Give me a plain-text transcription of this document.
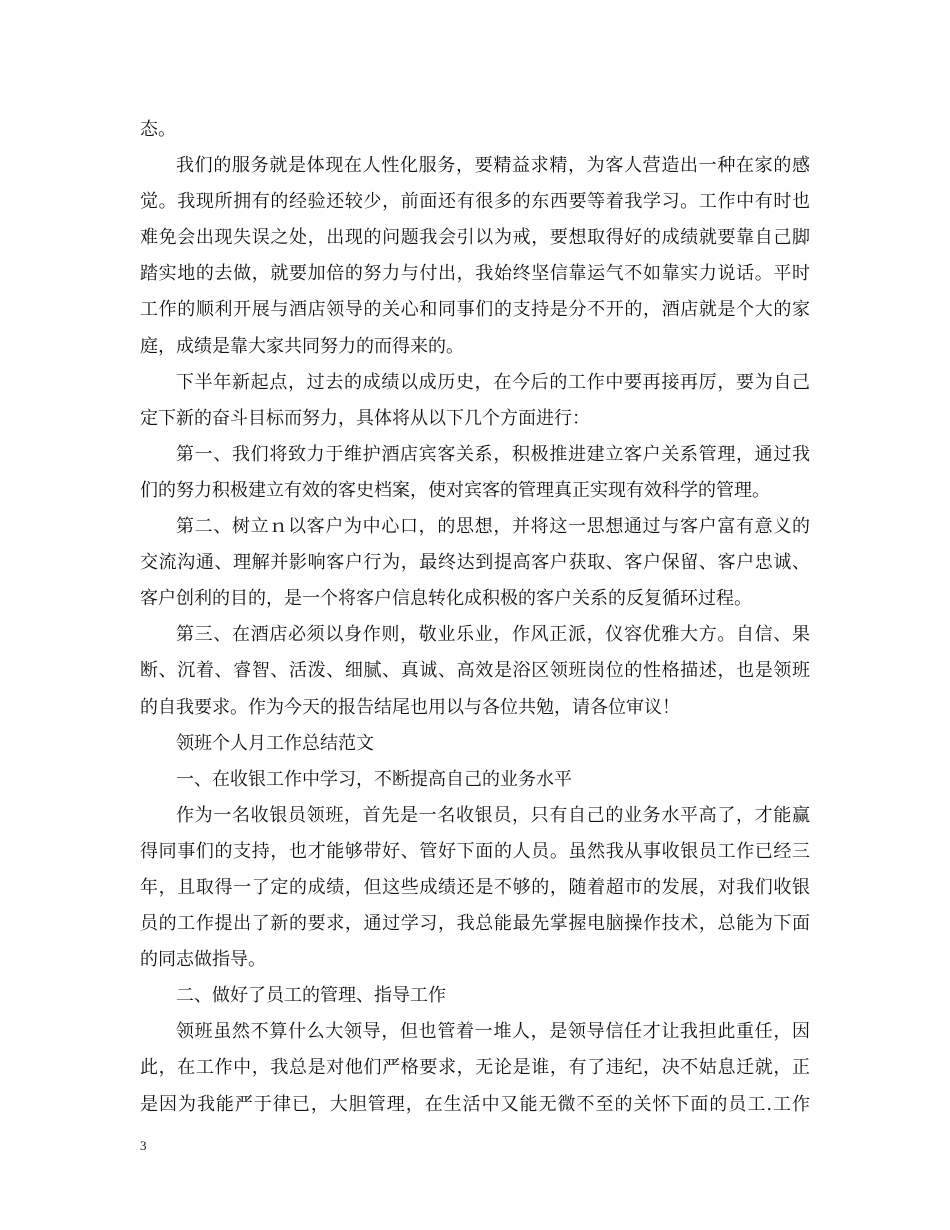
态。
我们的服务就是体现在人性化服务，要精益求精，为客人营造出一种在家的感
觉。我现所拥有的经验还较少，前面还有很多的东西要等着我学习。工作中有时也
难免会出现失误之处，出现的问题我会引以为戒，要想取得好的成绩就要靠自己脚
踏实地的去做，就要加倍的努力与付出，我始终坚信靠运气不如靠实力说话。平时
工作的顺利开展与酒店领导的关心和同事们的支持是分不开的，酒店就是个大的家
庭，成绩是靠大家共同努力的而得来的。
下半年新起点，过去的成绩以成历史，在今后的工作中要再接再厉，要为自己
定下新的奋斗目标而努力，具体将从以下几个方面进行：
第一、我们将致力于维护酒店宾客关系，积极推进建立客户关系管理，通过我
们的努力积极建立有效的客史档案，使对宾客的管理真正实现有效科学的管理。
第二、树立ｎ以客户为中心口，的思想，并将这一思想通过与客户富有意义的
交流沟通、理解并影响客户行为，最终达到提高客户获取、客户保留、客户忠诚、
客户创利的目的，是一个将客户信息转化成积极的客户关系的反复循环过程。
第三、在酒店必须以身作则，敬业乐业，作风正派，仪容优雅大方。自信、果
断、沉着、睿智、活泼、细腻、真诚、高效是浴区领班岗位的性格描述，也是领班
的自我要求。作为今天的报告结尾也用以与各位共勉，请各位审议！
领班个人月工作总结范文
一、在收银工作中学习，不断提高自己的业务水平
作为一名收银员领班，首先是一名收银员，只有自己的业务水平高了，才能赢
得同事们的支持，也才能够带好、管好下面的人员。虽然我从事收银员工作已经三
年，且取得一了定的成绩，但这些成绩还是不够的，随着超市的发展，对我们收银
员的工作提出了新的要求，通过学习，我总能最先掌握电脑操作技术，总能为下面
的同志做指导。
二、做好了员工的管理、指导工作
领班虽然不算什么大领导，但也管着一堆人，是领导信任才让我担此重任，因
此，在工作中，我总是对他们严格要求，无论是谁，有了违纪，决不姑息迁就，正
是因为我能严于律已，大胆管理，在生活中又能无微不至的关怀下面的员工.工作
3
